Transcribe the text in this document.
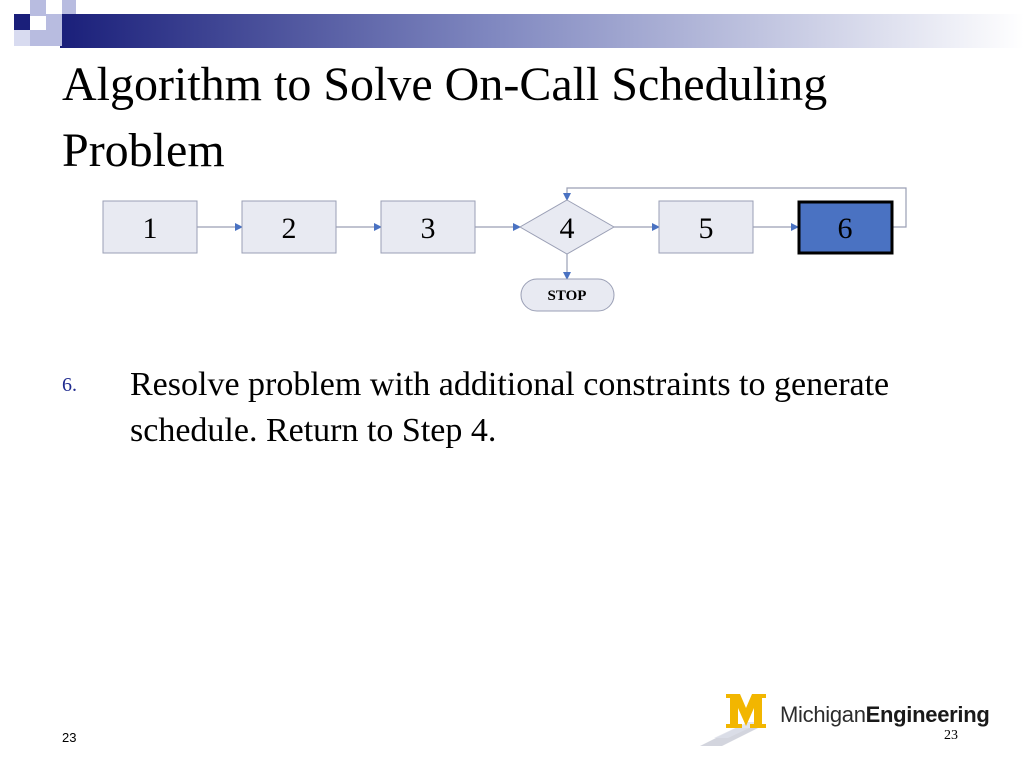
Algorithm to Solve On-Call Scheduling Problem
1	2	3	4	5	6
STOP
6. Resolve problem with additional constraints to generate schedule. Return to Step 4.
23
MichiganEngineering
23
